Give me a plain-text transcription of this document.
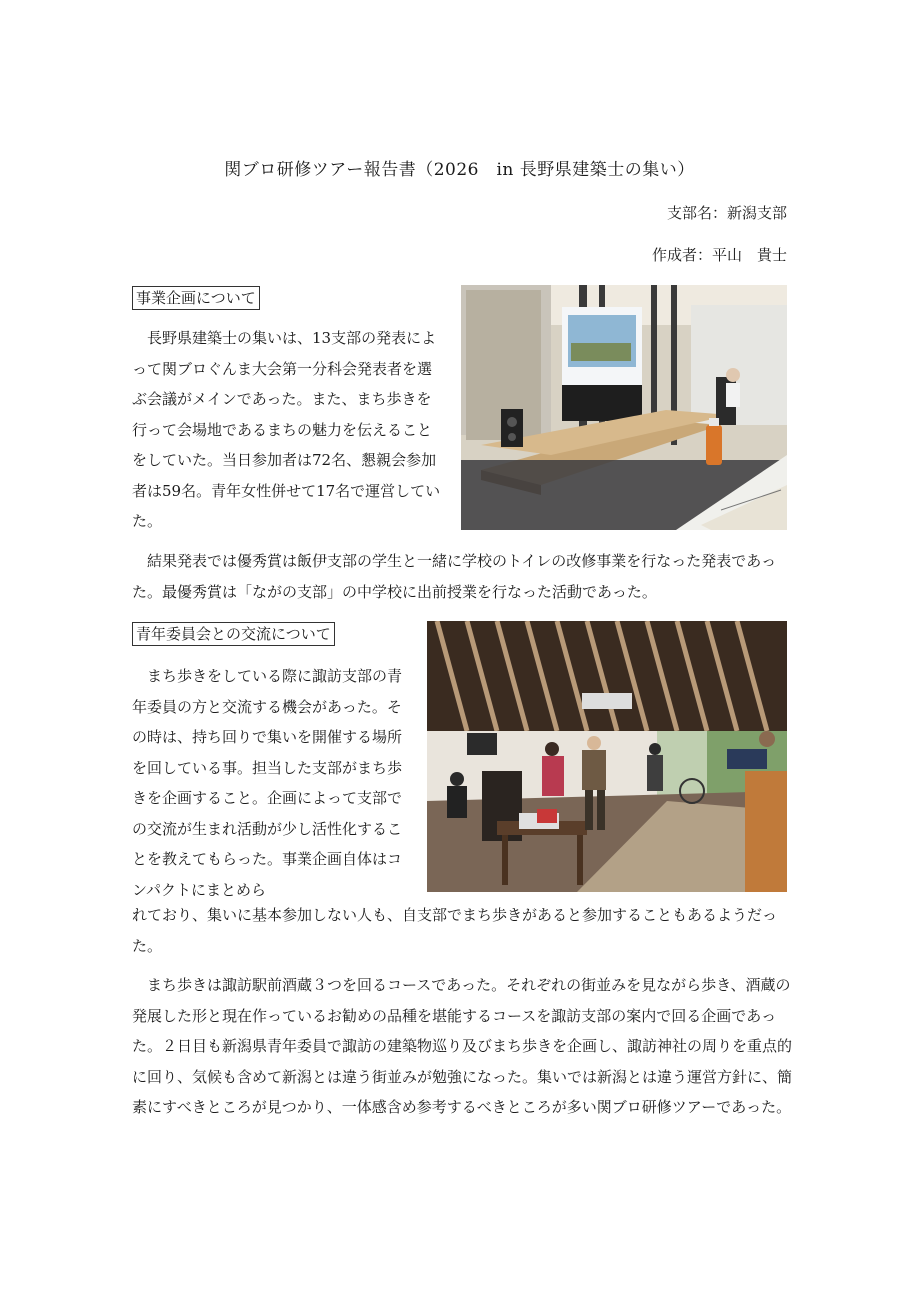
関ブロ研修ツアー報告書（2026　in 長野県建築士の集い）
支部名：新潟支部
作成者：平山　貴士
事業企画について

長野県建築士の集いは、13支部の発表によって関ブロぐんま大会第一分科会発表者を選ぶ会議がメインであった。また、まち歩きを行って会場地であるまちの魅力を伝えることをしていた。当日参加者は72名、懇親会参加者は59名。青年女性併せて17名で運営していた。

結果発表では優秀賞は飯伊支部の学生と一緒に学校のトイレの改修事業を行なった発表であった。最優秀賞は「ながの支部」の中学校に出前授業を行なった活動であった。

青年委員会との交流について

まち歩きをしている際に諏訪支部の青年委員の方と交流する機会があった。その時は、持ち回りで集いを開催する場所を回している事。担当した支部がまち歩きを企画すること。企画によって支部での交流が生まれ活動が少し活性化することを教えてもらった。事業企画自体はコンパクトにまとめら

れており、集いに基本参加しない人も、自支部でまち歩きがあると参加することもあるようだった。

まち歩きは諏訪駅前酒蔵３つを回るコースであった。それぞれの街並みを見ながら歩き、酒蔵の発展した形と現在作っているお勧めの品種を堪能するコースを諏訪支部の案内で回る企画であった。２日目も新潟県青年委員で諏訪の建築物巡り及びまち歩きを企画し、諏訪神社の周りを重点的に回り、気候も含めて新潟とは違う街並みが勉強になった。集いでは新潟とは違う運営方針に、簡素にすべきところが見つかり、一体感含め参考するべきところが多い関ブロ研修ツアーであった。
